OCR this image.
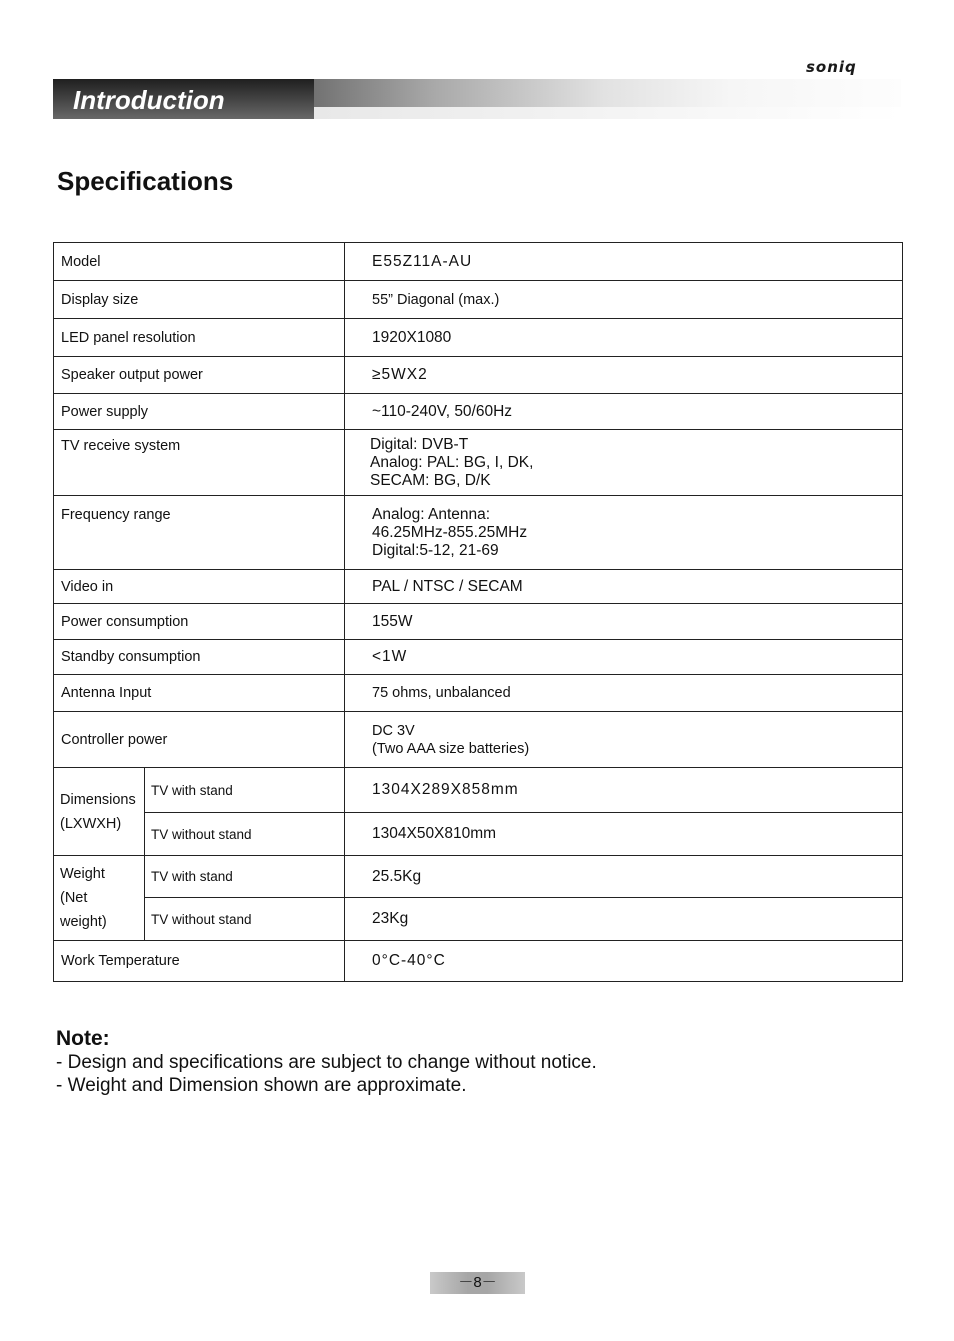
soniq
Introduction
Specifications
Model		E55Z11A-AU
Display size		55” Diagonal (max.)
LED panel resolution		1920X1080
Speaker output power		≥5WX2
Power supply		~110-240V, 50/60Hz
TV receive system		Digital: DVB-T
Analog: PAL: BG, I, DK,
SECAM: BG, D/K

Frequency range		Analog: Antenna:
46.25MHz-855.25MHz
Digital:5-12, 21-69

Video in		PAL / NTSC / SECAM
Power consumption		155W
Standby consumption		<1W
Antenna Input		75 ohms, unbalanced
Controller power		DC 3V
(Two AAA size batteries)

Dimensions
(LXWXH)	TV with stand	1304X289X858mm
	TV without stand	1304X50X810mm

Weight
(Net weight)	TV with stand	25.5Kg
	TV without stand	23Kg
Work Temperature		0°C-40°C
Note:
- Design and specifications are subject to change without notice.
- Weight and Dimension shown are approximate.
－8－
